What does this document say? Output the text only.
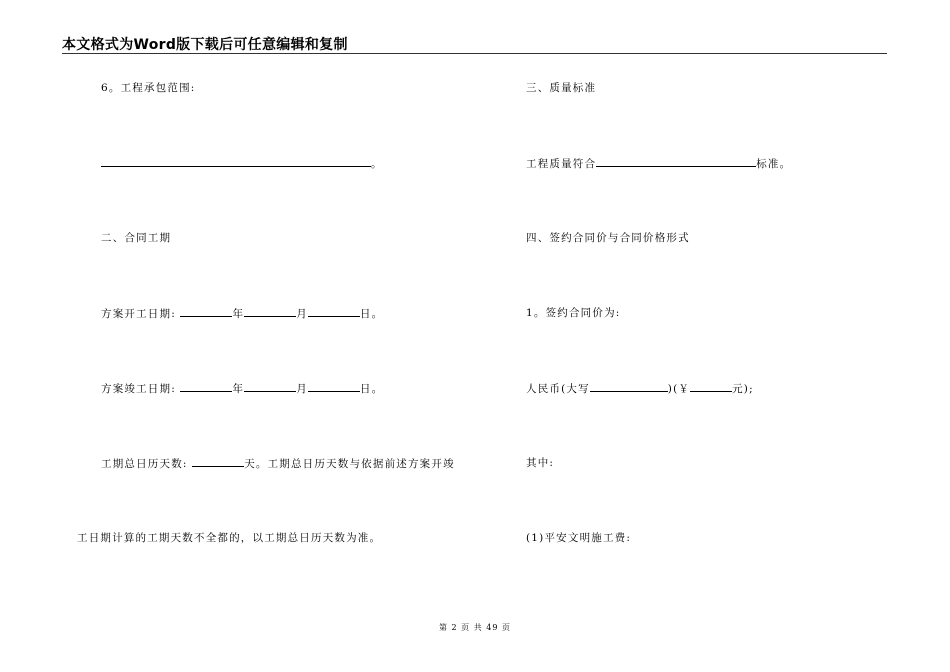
本文格式为Word版下载后可任意编辑和复制
6。工程承包范围:
。
二、合同工期
方案开工日期:	年	月	日。
方案竣工日期:	年	月	日。
工期总日历天数:	天。工期总日历天数与依据前述方案开竣
工日期计算的工期天数不全都的，以工期总日历天数为准。
三、质量标准
工程质量符合	标准。
四、签约合同价与合同价格形式
1。签约合同价为:
人民币(大写	)(￥	元);
其中:
(1)平安文明施工费:
第 2 页 共 49 页
